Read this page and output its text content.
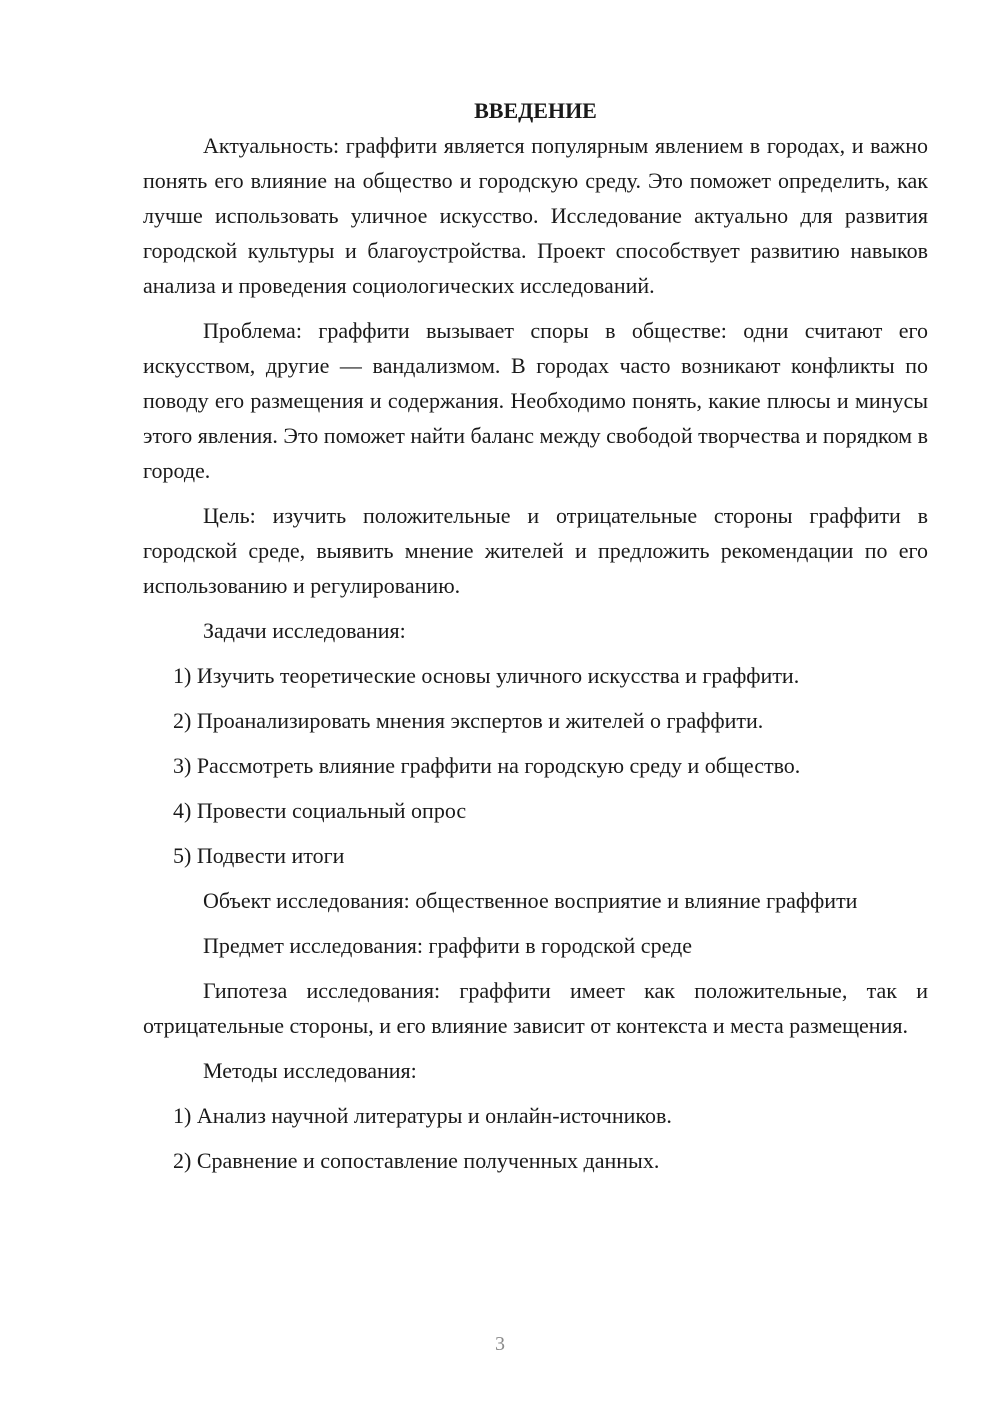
ВВЕДЕНИЕ

Актуальность: граффити является популярным явлением в городах, и важно понять его влияние на общество и городскую среду. Это поможет определить, как лучше использовать уличное искусство. Исследование актуально для развития городской культуры и благоустройства. Проект способствует развитию навыков анализа и проведения социологических исследований.

Проблема: граффити вызывает споры в обществе: одни считают его искусством, другие — вандализмом. В городах часто возникают конфликты по поводу его размещения и содержания. Необходимо понять, какие плюсы и минусы этого явления. Это поможет найти баланс между свободой творчества и порядком в городе.

Цель: изучить положительные и отрицательные стороны граффити в городской среде, выявить мнение жителей и предложить рекомендации по его использованию и регулированию.

Задачи исследования:

1) Изучить теоретические основы уличного искусства и граффити.
2) Проанализировать мнения экспертов и жителей о граффити.
3) Рассмотреть влияние граффити на городскую среду и общество.
4) Провести социальный опрос
5) Подвести итоги

Объект исследования: общественное восприятие и влияние граффити

Предмет исследования: граффити в городской среде

Гипотеза исследования: граффити имеет как положительные, так и отрицательные стороны, и его влияние зависит от контекста и места размещения.

Методы исследования:

1) Анализ научной литературы и онлайн-источников.
2) Сравнение и сопоставление полученных данных.
3
